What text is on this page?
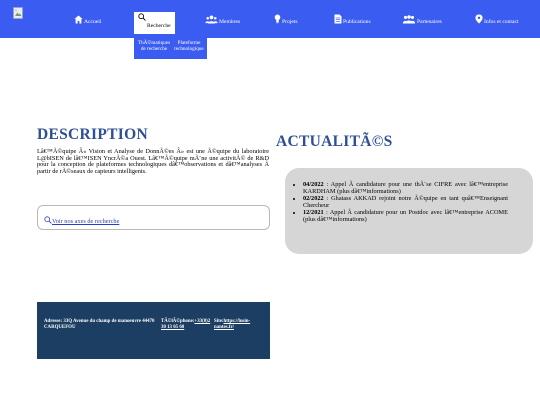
Accueil
Recherche
Membres	Projets	Publications	Partenaires	Infos et contact
ThÃ©matiques
de recherche
Plateforme
technologique
DESCRIPTION

Lâ€™Ã©quipe Â« Vision et Analyse de DonnÃ©es Â» est une Ã©quipe du laboratoire L@bISEN de lâ€™ISEN YncrÃ©a Ouest. Lâ€™Ã©quipe mÃ¨ne une activitÃ© de R&D pour la conception de plateformes technologiques dâ€™observations et dâ€™analyses Ã partir de rÃ©seaux de capteurs intelligents.

Voir nos axes de recherche
Adresse: 33Q Avenue du champ de manoeuvre 44470 CARQUEFOU
TÃ©lÃ©phone:+33(0)2 30 13 05 60
Site:https://lusin-nantes.fr/
ACTUALITÃ©S
• 04/2022 : Appel Ã candidature pour une thÃ¨se CIFRE avec lâ€™entreprise KARDHAM (plus dâ€™informations)
• 02/2022 : Ghatass AKKAD rejoint notre Ã©quipe en tant quâ€™Enseignant Chercheur
• 12/2021 : Appel Ã candidature pour un Postdoc avec lâ€™entreprise ACOME (plus dâ€™informations)
